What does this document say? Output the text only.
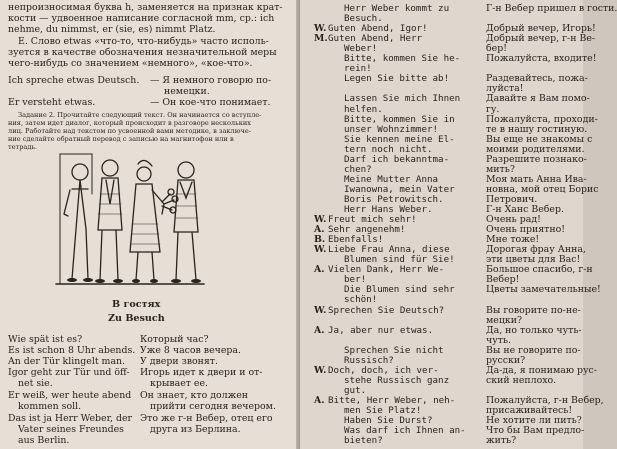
непроизносимая буква h, заменяется на признак крат-
кости — удвоенное написание согласной mm, ср.: ich
nehme, du nimmst, er (sie, es) nimmt Platz.
Е. Слово etwas «что-то, что-нибудь» часто исполь-
зуется в качестве обозначения незначительной меры
чего-нибудь со значением «немного», «кое-что».
Ich spreche etwas Deutsch. — Я немного говорю по-
немецки.
Er versteht etwas.	— Он кое-что понимает.
Задание 2. Прочитайте следующий текст. Он начинается со вступле-
ния, затем идет диалог, который происходит в разговоре нескольких
лиц. Работайте над текстом по усвоенной вами методике, в заключе-
ние сделайте обратный перевод с записью на магнитофон или в
тетрадь.
В гостях
Zu Besuch
Wie spät ist es?	Который час?
Es ist schon 8 Uhr abends. Уже 8 часов вечера.
An der Tür klingelt man. У двери звонят.
Igor geht zur Tür und öff- Игорь идет к двери и от-
net sie.	крывает ее.
Er weiß, wer heute abend Он знает, кто должен
kommen soll.	прийти сегодня вечером.
Das ist ja Herr Weber, der Это же г-н Вебер, отец его
Vater seines Freundes	друга из Берлина.
aus Berlin.
Herr Weber kommt zu	Г-н Вебер пришел в гости.
Besuch.
W. Guten Abend, Igor!	Добрый вечер, Игорь!
M. Guten Abend, Herr	Добрый вечер, г-н Ве-
Weber!	бер!
Bitte, kommen Sie he-	Пожалуйста, входите!
rein!
Legen Sie bitte ab!	Раздевайтесь, пожа-
луйста!
Lassen Sie mich Ihnen	Давайте я Вам помо-
helfen.	гу.
Bitte, kommen Sie in	Пожалуйста, проходи-
unser Wohnzimmer!	те в нашу гостиную.
Sie kennen meine El-	Вы еще не знакомы с
tern noch nicht.	моими родителями.
Darf ich bekanntma-	Разрешите познако-
chen?	мить?
Meine Mutter Anna	Моя мать Анна Ива-
Iwanowna, mein Vater	новна, мой отец Борис
Boris Petrowitsch.	Петрович.
Herr Hans Weber.	Г-н Ханс Вебер.
W. Freut mich sehr!	Очень рад!
A. Sehr angenehm!	Очень приятно!
B. Ebenfalls!	Мне тоже!
W. Liebe Frau Anna, diese	Дорогая фрау Анна,
Blumen sind für Sie!	эти цветы для Вас!
A. Vielen Dank, Herr We-	Большое спасибо, г-н
ber!	Вебер!
Die Blumen sind sehr	Цветы замечательные!
schön!
W. Sprechen Sie Deutsch?	Вы говорите по-не-
мецки?
A. Ja, aber nur etwas.	Да, но только чуть-
чуть.
Sprechen Sie nicht	Вы не говорите по-
Russisch?	русски?
W. Doch, doch, ich ver-	Да-да, я понимаю рус-
stehe Russisch ganz	ский неплохо.
gut.
A. Bitte, Herr Weber, neh-	Пожалуйста, г-н Вебер,
men Sie Platz!	присаживайтесь!
Haben Sie Durst?	Не хотите ли пить?
Was darf ich Ihnen an- Что бы Вам предло-
bieten?	жить?
